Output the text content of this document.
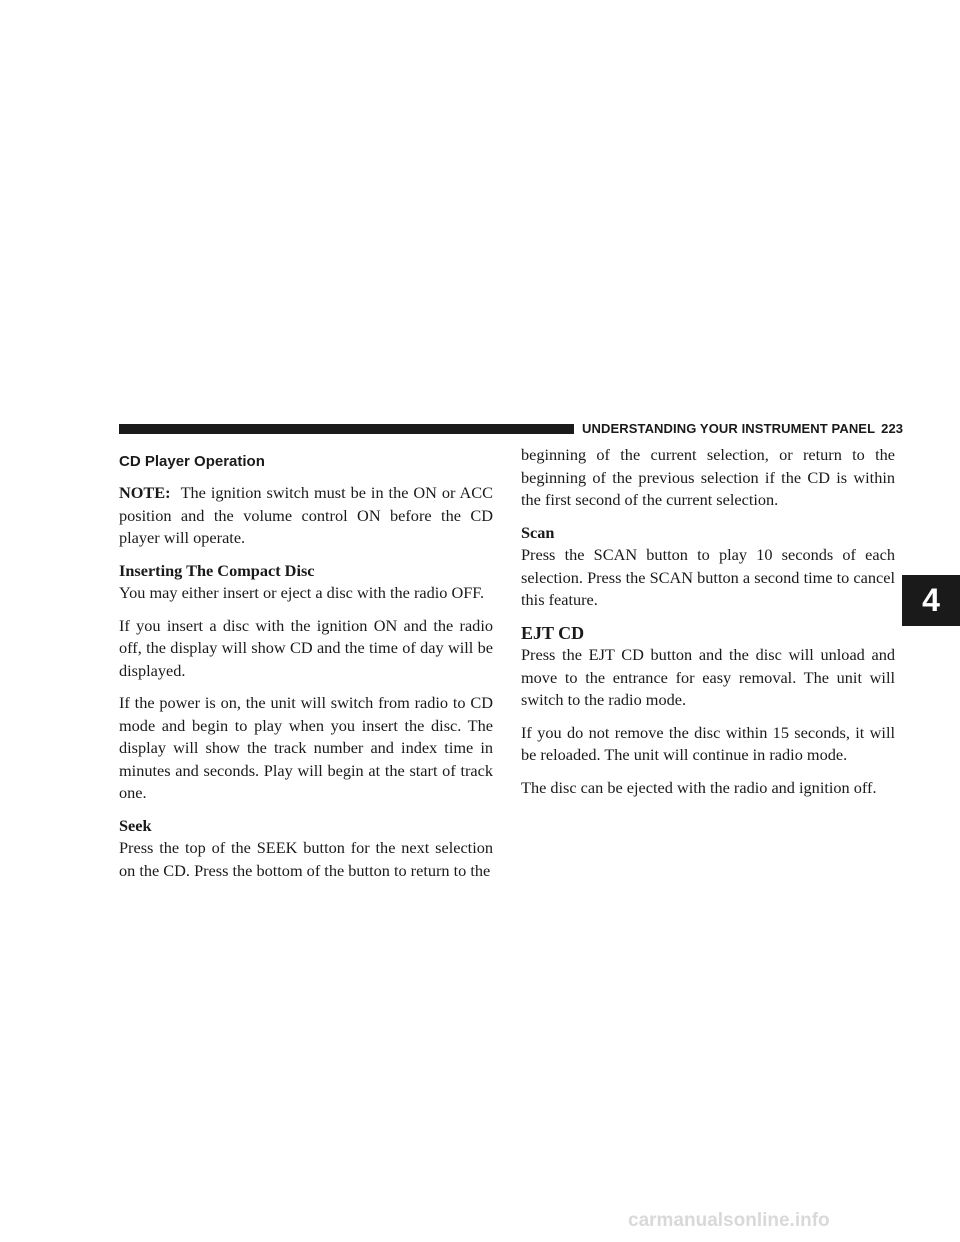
UNDERSTANDING YOUR INSTRUMENT PANEL 223
4
CD Player Operation

NOTE: The ignition switch must be in the ON or ACC position and the volume control ON before the CD player will operate.

Inserting The Compact Disc

You may either insert or eject a disc with the radio OFF.

If you insert a disc with the ignition ON and the radio off, the display will show CD and the time of day will be displayed.

If the power is on, the unit will switch from radio to CD mode and begin to play when you insert the disc. The display will show the track number and index time in minutes and seconds. Play will begin at the start of track one.

Seek

Press the top of the SEEK button for the next selection on the CD. Press the bottom of the button to return to the

beginning of the current selection, or return to the beginning of the previous selection if the CD is within the first second of the current selection.

Scan

Press the SCAN button to play 10 seconds of each selection. Press the SCAN button a second time to cancel this feature.

EJT CD

Press the EJT CD button and the disc will unload and move to the entrance for easy removal. The unit will switch to the radio mode.

If you do not remove the disc within 15 seconds, it will be reloaded. The unit will continue in radio mode.

The disc can be ejected with the radio and ignition off.

carmanualsonline.info
